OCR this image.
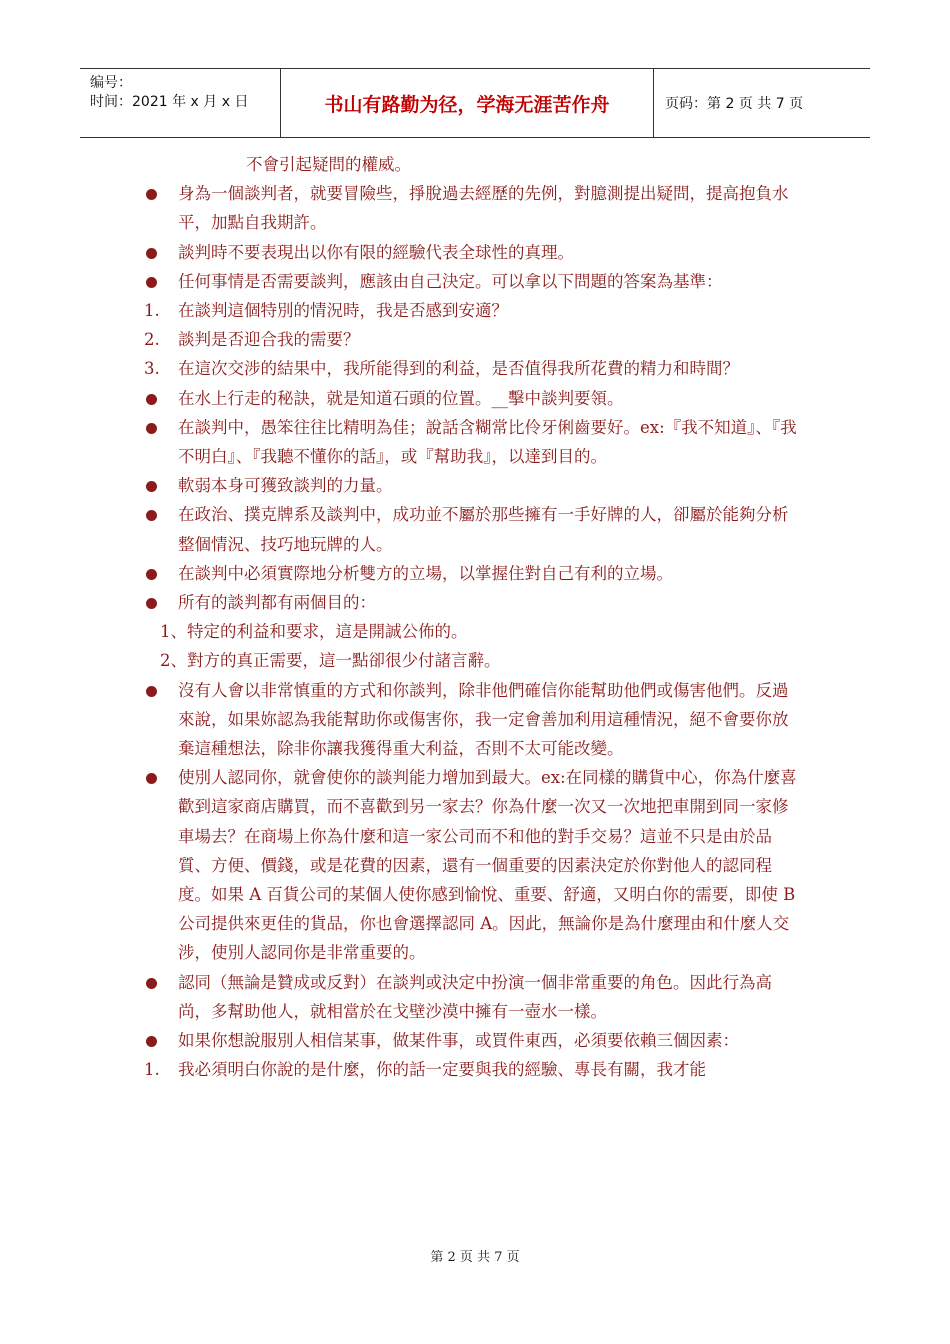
编号：
时间：2021 年 x 月 x 日	书山有路勤为径，学海无涯苦作舟	页码：第 2 页 共 7 页
不會引起疑問的權威。
身為一個談判者，就要冒險些，掙脫過去經歷的先例，對臆測提出疑問，提高抱負水平，加點自我期許。
談判時不要表現出以你有限的經驗代表全球性的真理。
任何事情是否需要談判，應該由自己決定。可以拿以下問題的答案為基準：
1. 在談判這個特別的情況時，我是否感到安適？
2. 談判是否迎合我的需要？
3. 在這次交涉的結果中，我所能得到的利益，是否值得我所花費的精力和時間？
在水上行走的秘訣，就是知道石頭的位置。__擊中談判要領。
在談判中，愚笨往往比精明為佳；說話含糊常比伶牙俐齒要好。ex:『我不知道』、『我不明白』、『我聽不懂你的話』，或『幫助我』，以達到目的。
軟弱本身可獲致談判的力量。
在政治、撲克牌系及談判中，成功並不屬於那些擁有一手好牌的人，卻屬於能夠分析整個情況、技巧地玩牌的人。
在談判中必須實際地分析雙方的立場，以掌握住對自己有利的立場。
所有的談判都有兩個目的：
1、特定的利益和要求，這是開誠公佈的。
2、對方的真正需要，這一點卻很少付諸言辭。
沒有人會以非常慎重的方式和你談判，除非他們確信你能幫助他們或傷害他們。反過來說，如果妳認為我能幫助你或傷害你，我一定會善加利用這種情況，絕不會要你放棄這種想法，除非你讓我獲得重大利益，否則不太可能改變。
使別人認同你，就會使你的談判能力增加到最大。ex:在同樣的購貨中心，你為什麼喜歡到這家商店購買，而不喜歡到另一家去？你為什麼一次又一次地把車開到同一家修車場去？在商場上你為什麼和這一家公司而不和他的對手交易？這並不只是由於品質、方便、價錢，或是花費的因素，還有一個重要的因素決定於你對他人的認同程度。如果 A 百貨公司的某個人使你感到愉悅、重要、舒適，又明白你的需要，即使 B 公司提供來更佳的貨品，你也會選擇認同 A。因此，無論你是為什麼理由和什麼人交涉，使別人認同你是非常重要的。
認同（無論是贊成或反對）在談判或決定中扮演一個非常重要的角色。因此行為高尚，多幫助他人，就相當於在戈壁沙漠中擁有一壺水一樣。
如果你想說服別人相信某事，做某件事，或買件東西，必須要依賴三個因素：
1. 我必須明白你說的是什麼，你的話一定要與我的經驗、專長有關，我才能
第 2 页 共 7 页
